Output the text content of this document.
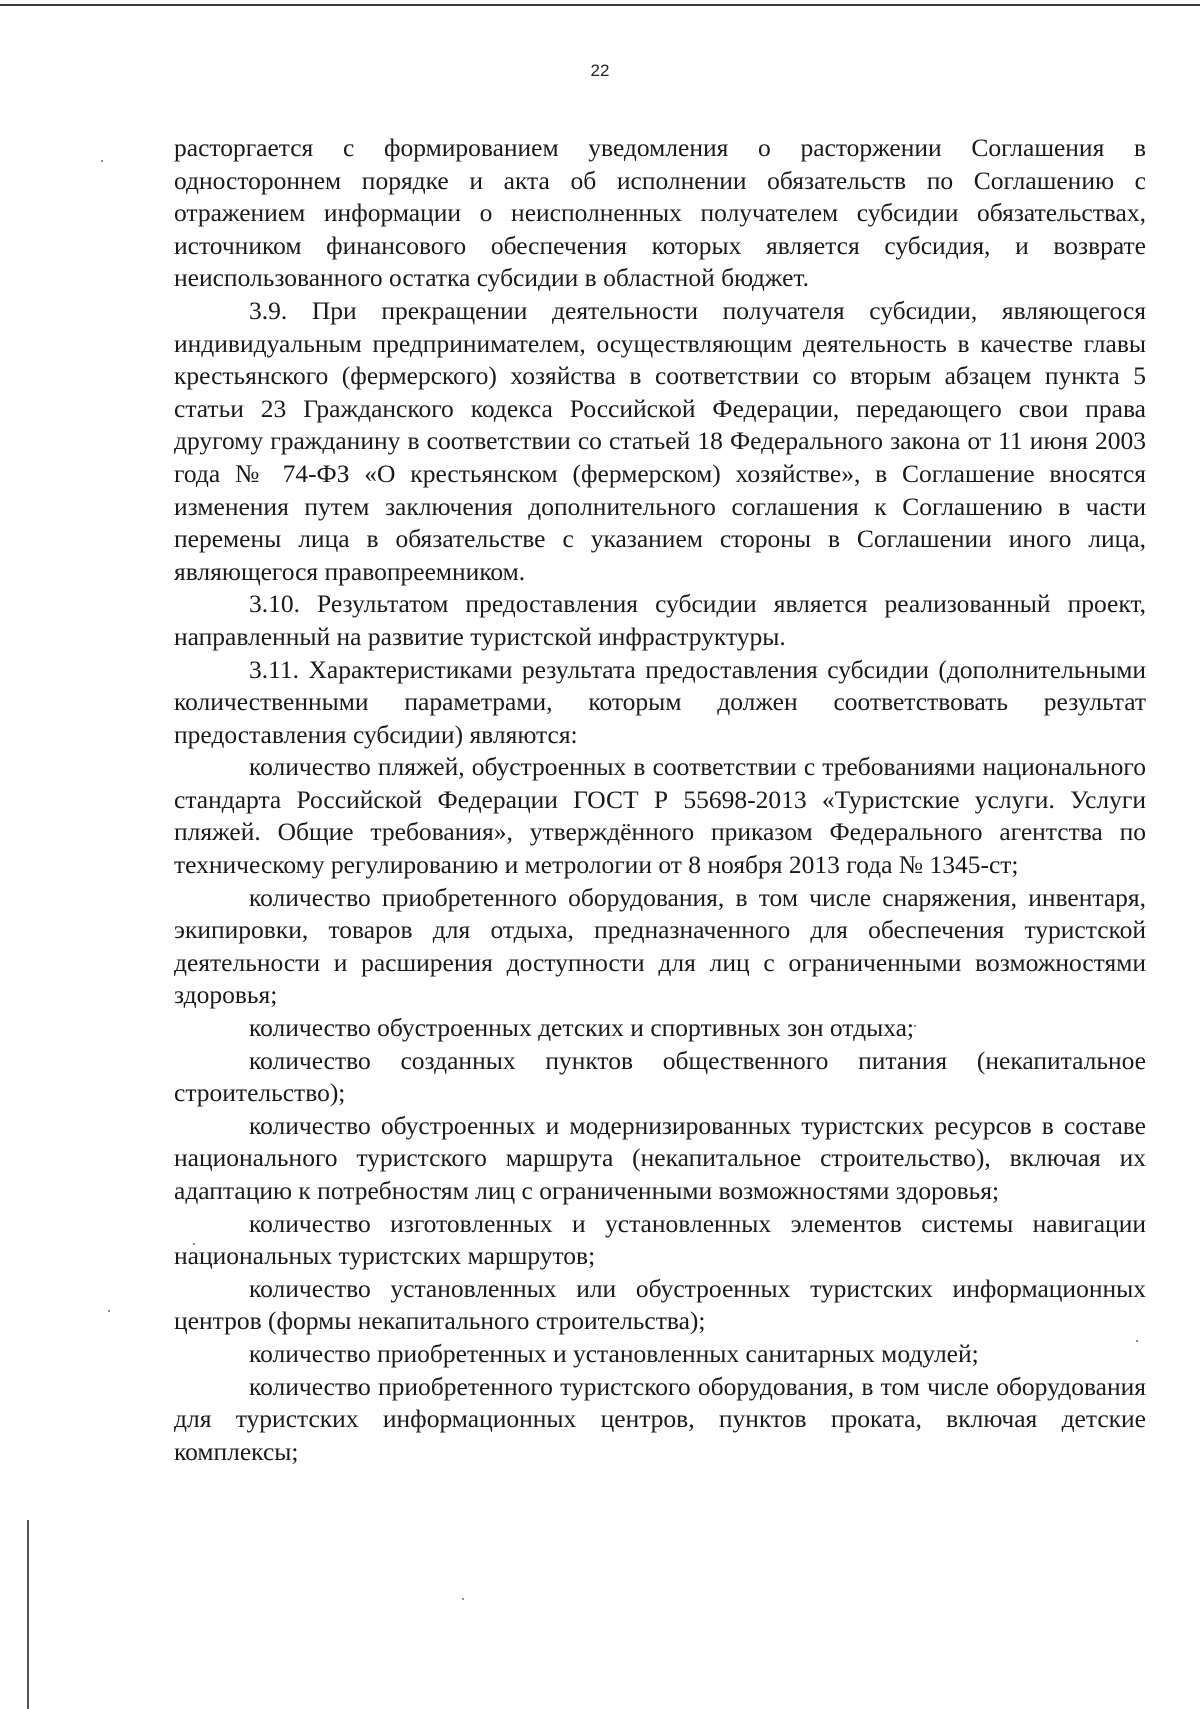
22

расторгается с формированием уведомления о расторжении Соглашения в одностороннем порядке и акта об исполнении обязательств по Соглашению с отражением информации о неисполненных получателем субсидии обязательствах, источником финансового обеспечения которых является субсидия, и возврате неиспользованного остатка субсидии в областной бюджет.

3.9. При прекращении деятельности получателя субсидии, являющегося индивидуальным предпринимателем, осуществляющим деятельность в качестве главы крестьянского (фермерского) хозяйства в соответствии со вторым абзацем пункта 5 статьи 23 Гражданского кодекса Российской Федерации, передающего свои права другому гражданину в соответствии со статьей 18 Федерального закона от 11 июня 2003 года № 74-ФЗ «О крестьянском (фермерском) хозяйстве», в Соглашение вносятся изменения путем заключения дополнительного соглашения к Соглашению в части перемены лица в обязательстве с указанием стороны в Соглашении иного лица, являющегося правопреемником.

3.10. Результатом предоставления субсидии является реализованный проект, направленный на развитие туристской инфраструктуры.

3.11. Характеристиками результата предоставления субсидии (дополнительными количественными параметрами, которым должен соответствовать результат предоставления субсидии) являются:

количество пляжей, обустроенных в соответствии с требованиями национального стандарта Российской Федерации ГОСТ Р 55698-2013 «Туристские услуги. Услуги пляжей. Общие требования», утверждённого приказом Федерального агентства по техническому регулированию и метрологии от 8 ноября 2013 года № 1345-ст;

количество приобретенного оборудования, в том числе снаряжения, инвентаря, экипировки, товаров для отдыха, предназначенного для обеспечения туристской деятельности и расширения доступности для лиц с ограниченными возможностями здоровья;

количество обустроенных детских и спортивных зон отдыха;

количество созданных пунктов общественного питания (некапитальное строительство);

количество обустроенных и модернизированных туристских ресурсов в составе национального туристского маршрута (некапитальное строительство), включая их адаптацию к потребностям лиц с ограниченными возможностями здоровья;

количество изготовленных и установленных элементов системы навигации национальных туристских маршрутов;

количество установленных или обустроенных туристских информационных центров (формы некапитального строительства);

количество приобретенных и установленных санитарных модулей;

количество приобретенного туристского оборудования, в том числе оборудования для туристских информационных центров, пунктов проката, включая детские комплексы;
